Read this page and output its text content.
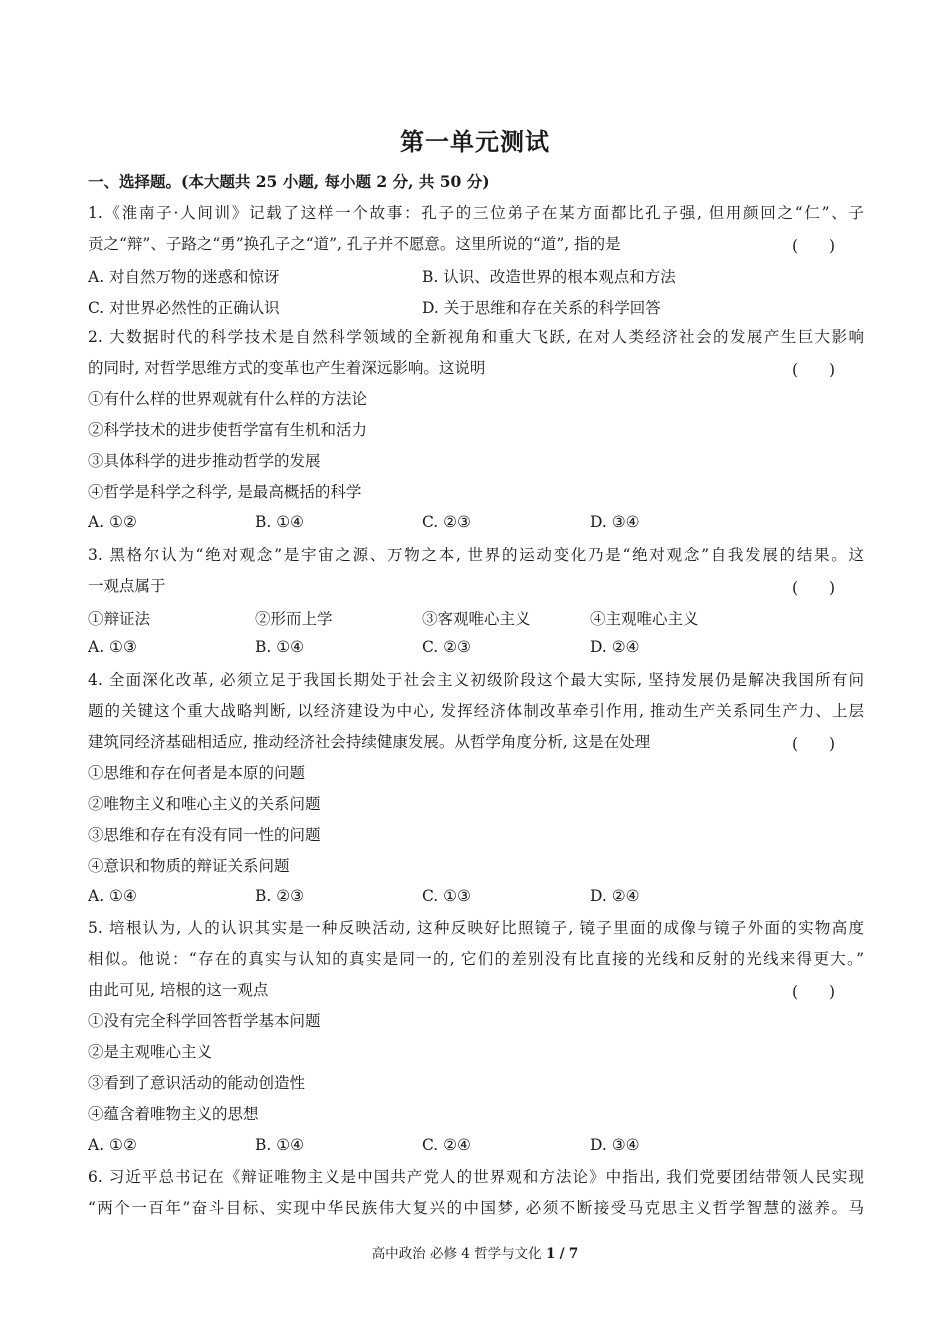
第一单元测试
一、选择题。(本大题共 25 小题, 每小题 2 分, 共 50 分)
1.《淮南子·人间训》记载了这样一个故事：孔子的三位弟子在某方面都比孔子强, 但用颜回之“仁”、子
贡之“辩”、子路之“勇”换孔子之“道”, 孔子并不愿意。这里所说的“道”, 指的是	(　　)
A. 对自然万物的迷惑和惊讶	B. 认识、改造世界的根本观点和方法
C. 对世界必然性的正确认识	D. 关于思维和存在关系的科学回答
2. 大数据时代的科学技术是自然科学领域的全新视角和重大飞跃, 在对人类经济社会的发展产生巨大影响
的同时, 对哲学思维方式的变革也产生着深远影响。这说明	(　　)
①有什么样的世界观就有什么样的方法论
②科学技术的进步使哲学富有生机和活力
③具体科学的进步推动哲学的发展
④哲学是科学之科学, 是最高概括的科学
A. ①②	B. ①④	C. ②③	D. ③④
3. 黑格尔认为“绝对观念”是宇宙之源、万物之本, 世界的运动变化乃是“绝对观念”自我发展的结果。这
一观点属于	(　　)
①辩证法	②形而上学	③客观唯心主义	④主观唯心主义
A. ①③	B. ①④	C. ②③	D. ②④
4. 全面深化改革, 必须立足于我国长期处于社会主义初级阶段这个最大实际, 坚持发展仍是解决我国所有问
题的关键这个重大战略判断, 以经济建设为中心, 发挥经济体制改革牵引作用, 推动生产关系同生产力、上层
建筑同经济基础相适应, 推动经济社会持续健康发展。从哲学角度分析, 这是在处理	(　　)
①思维和存在何者是本原的问题
②唯物主义和唯心主义的关系问题
③思维和存在有没有同一性的问题
④意识和物质的辩证关系问题
A. ①④	B. ②③	C. ①③	D. ②④
5. 培根认为, 人的认识其实是一种反映活动, 这种反映好比照镜子, 镜子里面的成像与镜子外面的实物高度
相似。他说：“存在的真实与认知的真实是同一的, 它们的差别没有比直接的光线和反射的光线来得更大。”
由此可见, 培根的这一观点	(　　)
①没有完全科学回答哲学基本问题
②是主观唯心主义
③看到了意识活动的能动创造性
④蕴含着唯物主义的思想
A. ①②	B. ①④	C. ②④	D. ③④
6. 习近平总书记在《辩证唯物主义是中国共产党人的世界观和方法论》中指出, 我们党要团结带领人民实现
“两个一百年”奋斗目标、实现中华民族伟大复兴的中国梦, 必须不断接受马克思主义哲学智慧的滋养。马
高中政治 必修 4 哲学与文化 1 / 7
